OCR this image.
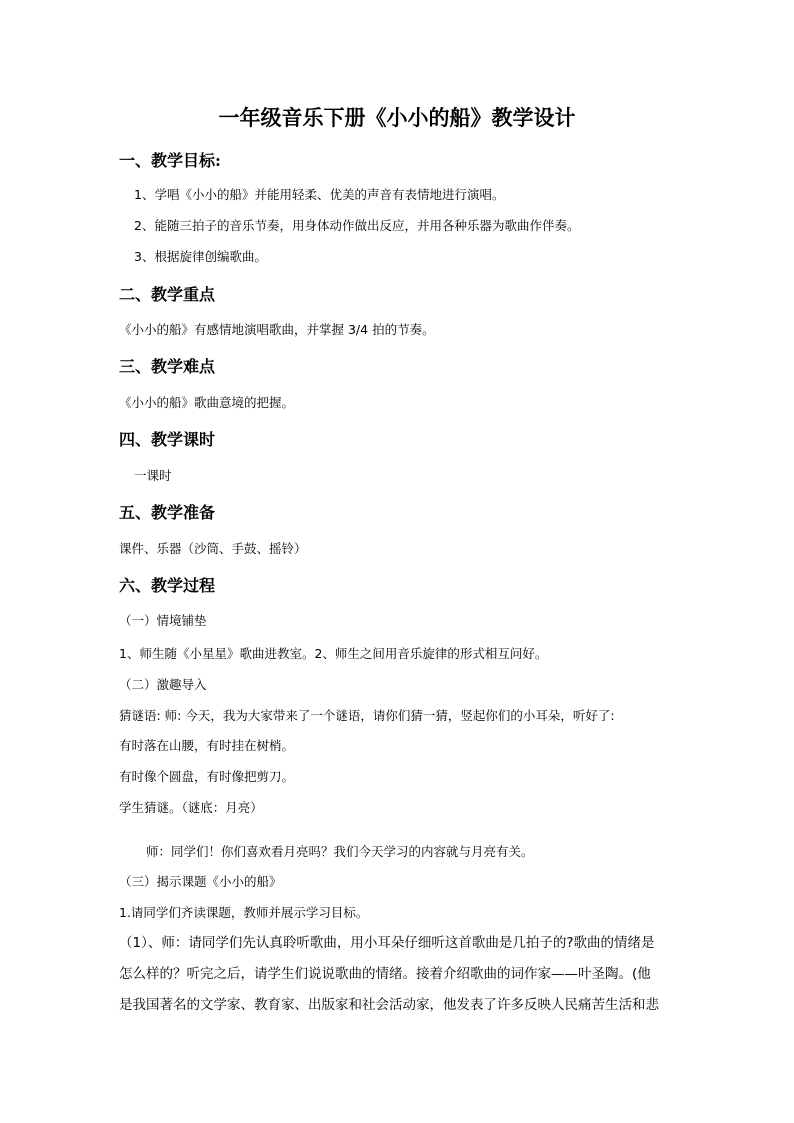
一年级音乐下册《小小的船》教学设计
一、教学目标:
1、学唱《小小的船》并能用轻柔、优美的声音有表情地进行演唱。
2、能随三拍子的音乐节奏，用身体动作做出反应，并用各种乐器为歌曲作伴奏。
3、根据旋律创编歌曲。
二、教学重点
《小小的船》有感情地演唱歌曲，并掌握 3/4 拍的节奏。
三、教学难点
《小小的船》歌曲意境的把握。
四、教学课时
一课时
五、教学准备
课件、乐器（沙筒、手鼓、摇铃）
六、教学过程
（一）情境铺垫
1、师生随《小星星》歌曲进教室。2、师生之间用音乐旋律的形式相互问好。
（二）激趣导入
猜谜语: 师: 今天，我为大家带来了一个谜语，请你们猜一猜，竖起你们的小耳朵，听好了:
有时落在山腰，有时挂在树梢。
有时像个圆盘，有时像把剪刀。
学生猜谜。（谜底：月亮）
师：同学们！你们喜欢看月亮吗？我们今天学习的内容就与月亮有关。
（三）揭示课题《小小的船》
1.请同学们齐读课题，教师并展示学习目标。
（1）、师：请同学们先认真聆听歌曲，用小耳朵仔细听这首歌曲是几拍子的?歌曲的情绪是
怎么样的？听完之后，请学生们说说歌曲的情绪。接着介绍歌曲的词作家——叶圣陶。(他
是我国著名的文学家、教育家、出版家和社会活动家，他发表了许多反映人民痛苦生活和悲
